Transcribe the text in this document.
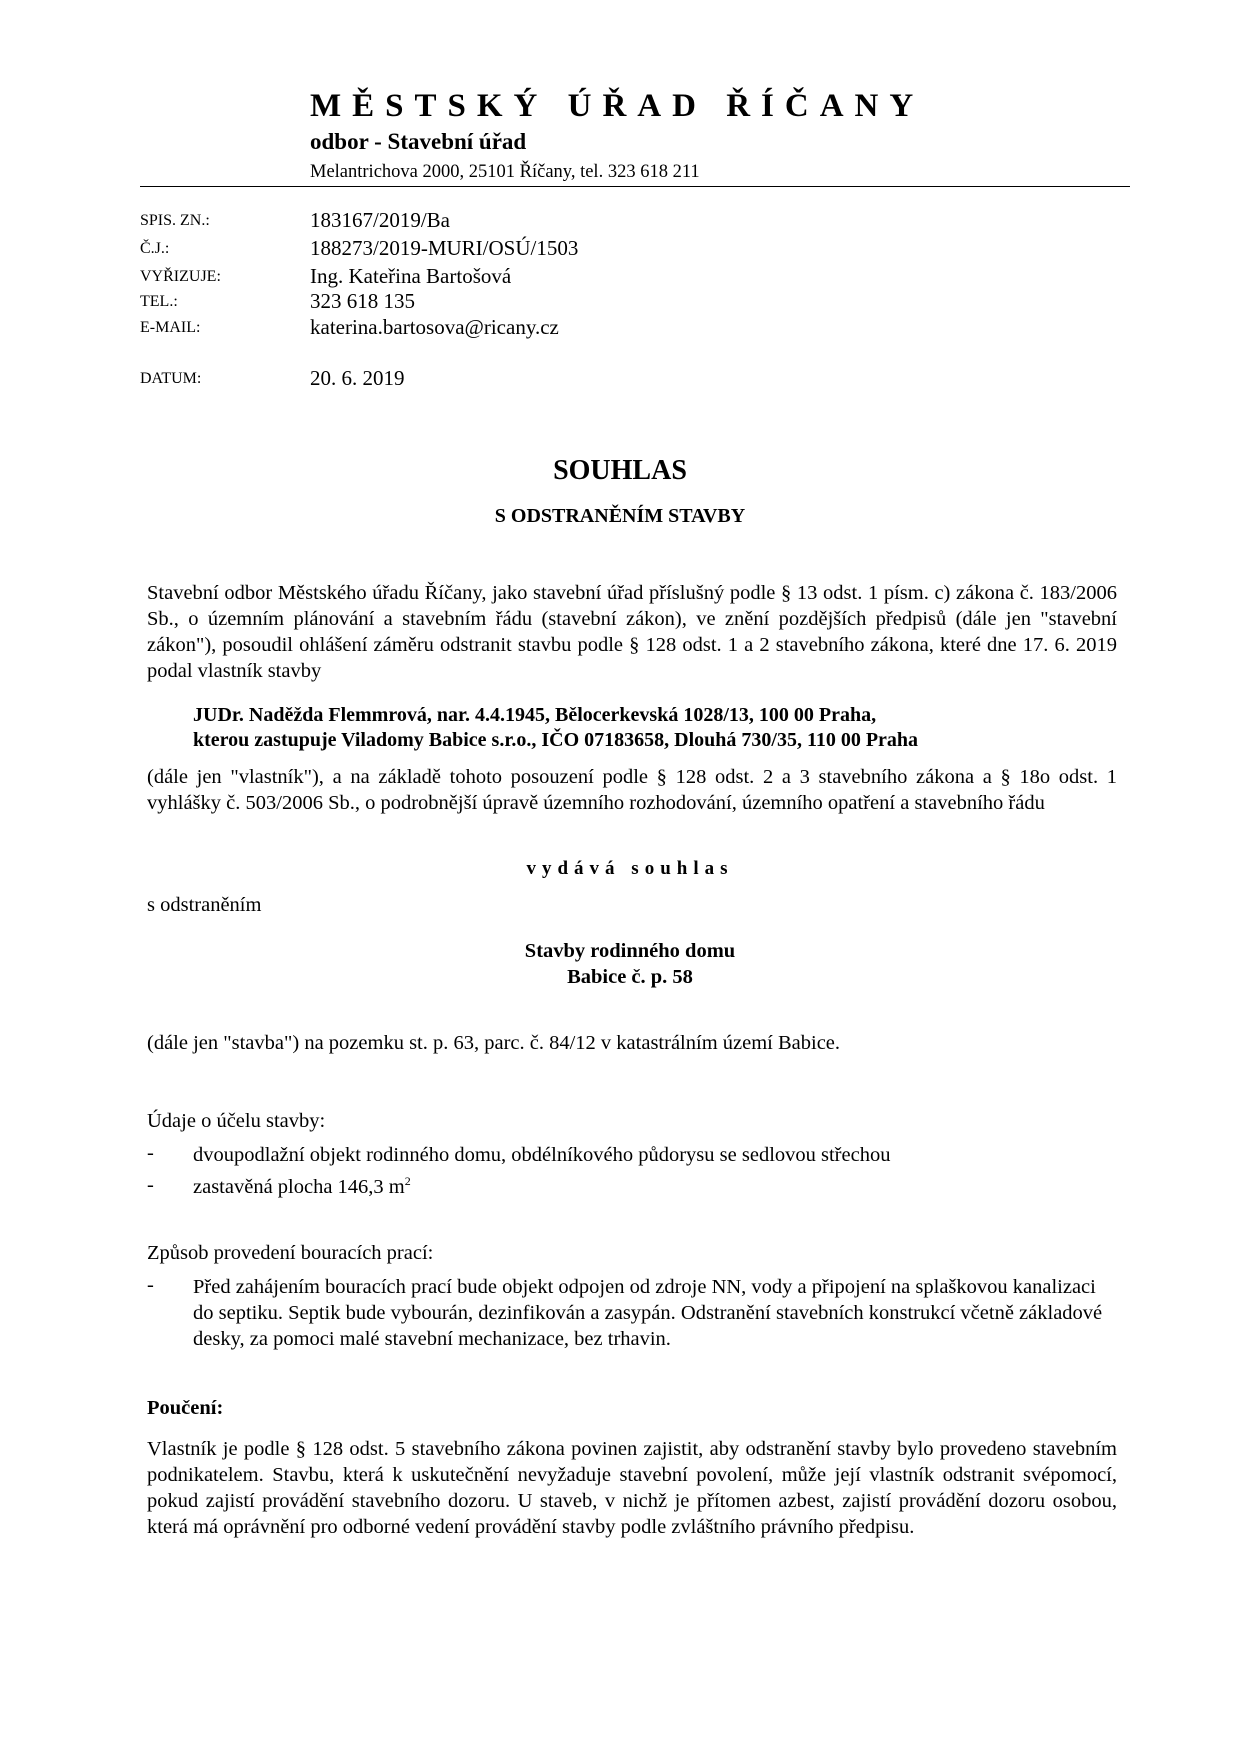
MĚSTSKÝ ÚŘAD ŘÍČANY
odbor - Stavební úřad
Melantrichova 2000, 25101 Říčany, tel. 323 618 211
SPIS. ZN.:	183167/2019/Ba
Č.J.:	188273/2019-MURI/OSÚ/1503
VYŘIZUJE:	Ing. Kateřina Bartošová
TEL.:	323 618 135
E-MAIL:	katerina.bartosova@ricany.cz
DATUM:	20. 6. 2019
SOUHLAS
S ODSTRANĚNÍM STAVBY
Stavební odbor Městského úřadu Říčany, jako stavební úřad příslušný podle § 13 odst. 1 písm. c) zákona č. 183/2006 Sb., o územním plánování a stavebním řádu (stavební zákon), ve znění pozdějších předpisů (dále jen "stavební zákon"), posoudil ohlášení záměru odstranit stavbu podle § 128 odst. 1 a 2 stavebního zákona, které dne 17. 6. 2019 podal vlastník stavby
JUDr. Naděžda Flemmrová, nar. 4.4.1945, Bělocerkevská 1028/13, 100 00 Praha,
kterou zastupuje Viladomy Babice s.r.o., IČO 07183658, Dlouhá 730/35, 110 00 Praha
(dále jen "vlastník"), a na základě tohoto posouzení podle § 128 odst. 2 a 3 stavebního zákona a § 18o odst. 1 vyhlášky č. 503/2006 Sb., o podrobnější úpravě územního rozhodování, územního opatření a stavebního řádu
vydává souhlas
s odstraněním
Stavby rodinného domu
Babice č. p. 58
(dále jen "stavba") na pozemku st. p. 63, parc. č. 84/12 v katastrálním území Babice.
Údaje o účelu stavby:
- dvoupodlažní objekt rodinného domu, obdélníkového půdorysu se sedlovou střechou
- zastavěná plocha 146,3 $m^2$
Způsob provedení bouracích prací:
- Před zahájením bouracích prací bude objekt odpojen od zdroje NN, vody a připojení na splaškovou kanalizaci do septiku. Septik bude vybourán, dezinfikován a zasypán. Odstranění stavebních konstrukcí včetně základové desky, za pomoci malé stavební mechanizace, bez trhavin.
Poučení:
Vlastník je podle § 128 odst. 5 stavebního zákona povinen zajistit, aby odstranění stavby bylo provedeno stavebním podnikatelem. Stavbu, která k uskutečnění nevyžaduje stavební povolení, může její vlastník odstranit svépomocí, pokud zajistí provádění stavebního dozoru. U staveb, v nichž je přítomen azbest, zajistí provádění dozoru osobou, která má oprávnění pro odborné vedení provádění stavby podle zvláštního právního předpisu.
